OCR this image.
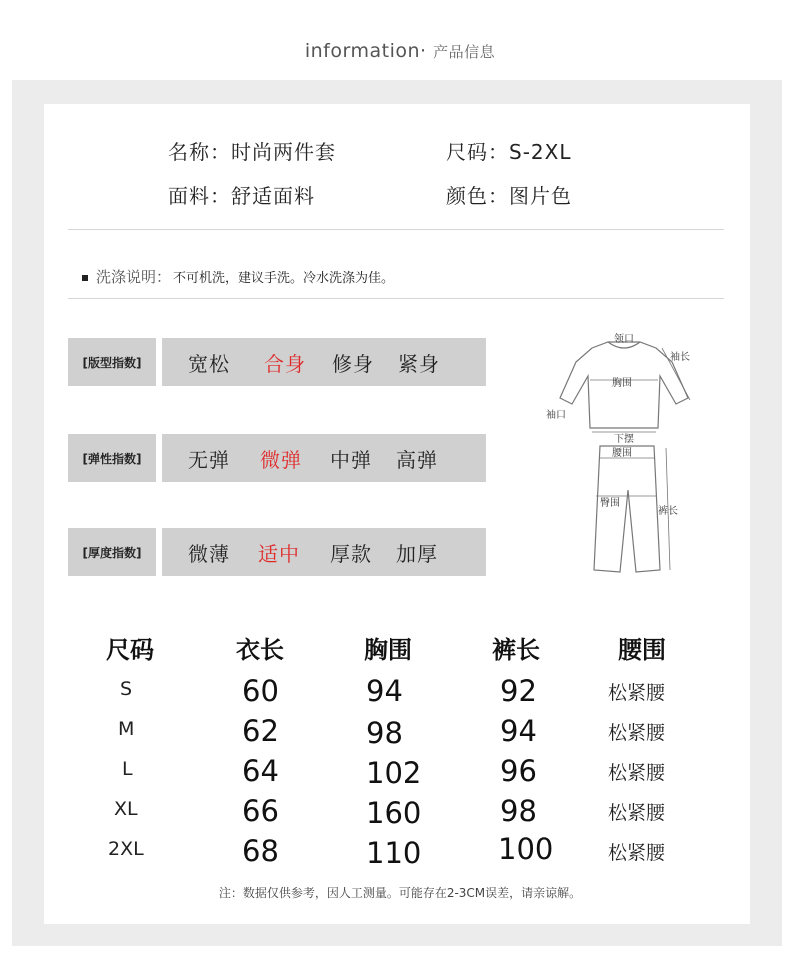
information· 产品信息
名称：时尚两件套	尺码：S-2XL
面料：舒适面料	颜色：图片色
洗涤说明： 不可机洗，建议手洗。冷水洗涤为佳。
[版型指数]	宽松 合身 修身 紧身
[弹性指数]	无弹 微弹 中弹 高弹
[厚度指数]	微薄 适中 厚款 加厚
领口
袖长
胸围
袖口
下摆
腰围
臀围
裤长
尺码	衣长	胸围	裤长	腰围
S	60	94	92	松紧腰
M	62	98	94	松紧腰
L	64	102	96	松紧腰
XL	66	160	98	松紧腰
2XL	68	110	100	松紧腰
注：数据仅供参考，因人工测量。可能存在2-3CM误差，请亲谅解。
